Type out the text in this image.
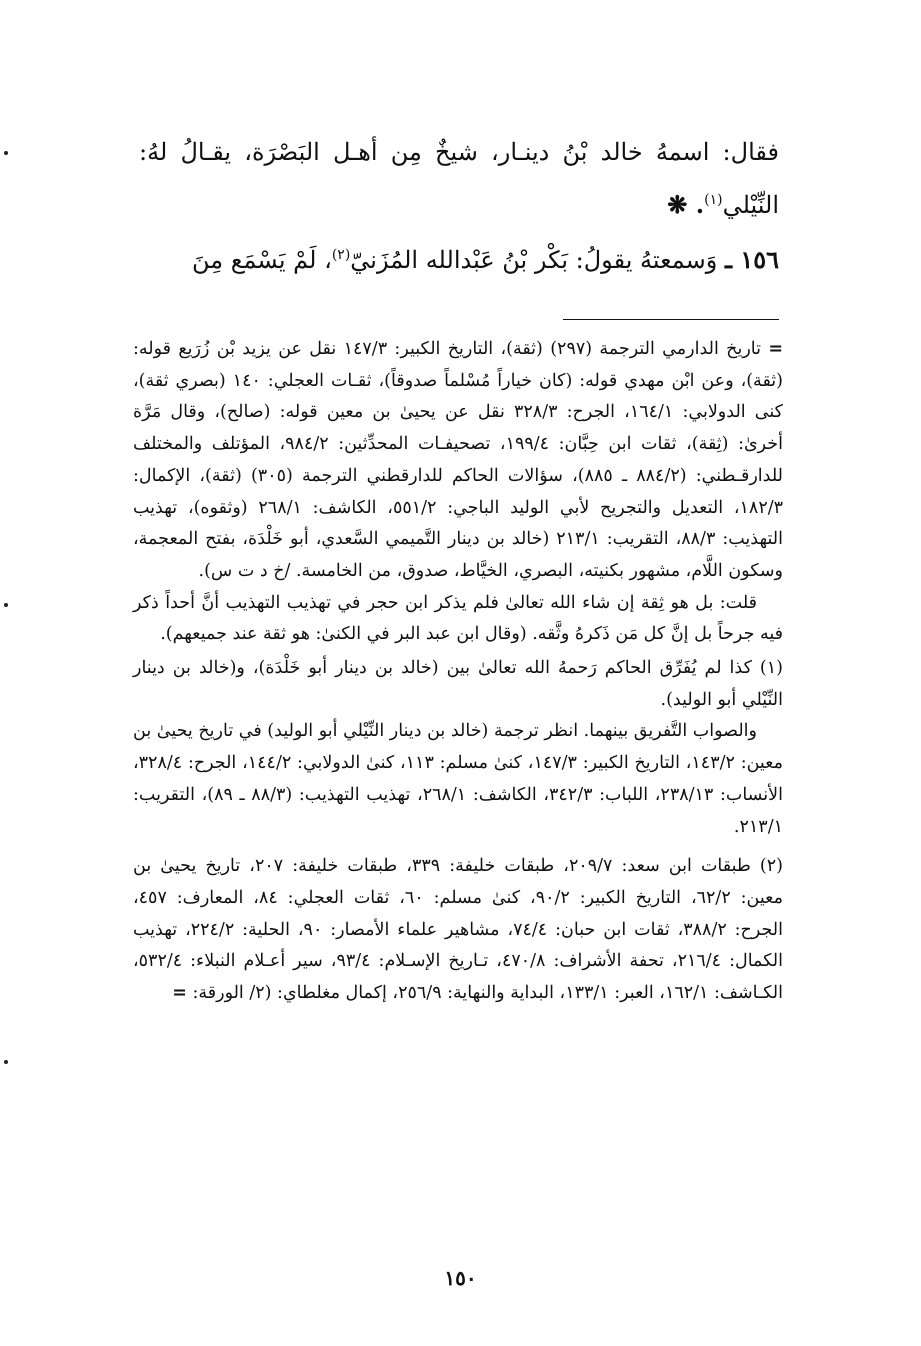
فقال: اسمهُ خالد بْنُ دينـار، شيخٌ مِن أهـل البَصْرَة، يقـالُ لهُ: النِّيْلي$^{(١)}$. ❋

١٥٦ ـ وَسمعتهُ يقولُ: بَكْر بْنُ عَبْدالله المُزَنيّ$^{(٢)}$، لَمْ يَسْمَع مِنَ

= تاريخ الدارمي الترجمة (٢٩٧) (ثقة)، التاريخ الكبير: ١٤٧/٣ نقل عن يزيد بْن زُرَيع قوله: (ثقة)، وعن ابْن مهدي قوله: (كان خياراً مُسْلماً صدوقاً)، ثقـات العجلي: ١٤٠ (بصري ثقة)، كنى الدولابي: ١٦٤/١، الجرح: ٣٢٨/٣ نقل عن يحيىٰ بن معين قوله: (صالح)، وقال مَرَّة أخرىٰ: (ثِقة)، ثقات ابن حِبَّان: ١٩٩/٤، تصحيفـات المحدِّثين: ٩٨٤/٢، المؤتلف والمختلف للدارقـطني: (٨٨٤/٢ ـ ٨٨٥)، سؤالات الحاكم للدارقطني الترجمة (٣٠٥) (ثقة)، الإكمال: ١٨٢/٣، التعديل والتجريح لأبي الوليد الباجي: ٥٥١/٢، الكاشف: ٢٦٨/١ (وثقوه)، تهذيب التهذيب: ٨٨/٣، التقريب: ٢١٣/١ (خالد بن دينار التَّميمي السَّعدي، أبو خَلْدَة، بفتح المعجمة، وسكون اللَّام، مشهور بكنيته، البصري، الخيَّاط، صدوق، من الخامسة. /خ د ت س).

قلت: بل هو ثِقة إن شاء الله تعالىٰ فلم يذكر ابن حجر في تهذيب التهذيب أنَّ أحداً ذكر فيه جرحاً بل إنَّ كل مَن ذَكرهُ وثَّقه. (وقال ابن عبد البر في الكنىٰ: هو ثقة عند جميعهم).

(١) كذا لم يُفَرِّق الحاكم رَحمهُ الله تعالىٰ بين (خالد بن دينار أبو خَلْدَة)، و(خالد بن دينار النِّيْلي أبو الوليد).

والصواب التَّفريق بينهما. انظر ترجمة (خالد بن دينار النِّيْلي أبو الوليد) في تاريخ يحيىٰ بن معين: ١٤٣/٢، التاريخ الكبير: ١٤٧/٣، كنىٰ مسلم: ١١٣، كنىٰ الدولابي: ١٤٤/٢، الجرح: ٣٢٨/٤، الأنساب: ٢٣٨/١٣، اللباب: ٣٤٢/٣، الكاشف: ٢٦٨/١، تهذيب التهذيب: (٨٨/٣ ـ ٨٩)، التقريب: ٢١٣/١.

(٢) طبقات ابن سعد: ٢٠٩/٧، طبقات خليفة: ٣٣٩، طبقات خليفة: ٢٠٧، تاريخ يحيىٰ بن معين: ٦٢/٢، التاريخ الكبير: ٩٠/٢، كنىٰ مسلم: ٦٠، ثقات العجلي: ٨٤، المعارف: ٤٥٧، الجرح: ٣٨٨/٢، ثقات ابن حبان: ٧٤/٤، مشاهير علماء الأمصار: ٩٠، الحلية: ٢٢٤/٢، تهذيب الكمال: ٢١٦/٤، تحفة الأشراف: ٤٧٠/٨، تـاريخ الإسـلام: ٩٣/٤، سير أعـلام النبلاء: ٥٣٢/٤، الكـاشف: ١٦٢/١، العبر: ١٣٣/١، البداية والنهاية: ٢٥٦/٩، إكمال مغلطاي: (٢/ الورقة: =

١٥٠
